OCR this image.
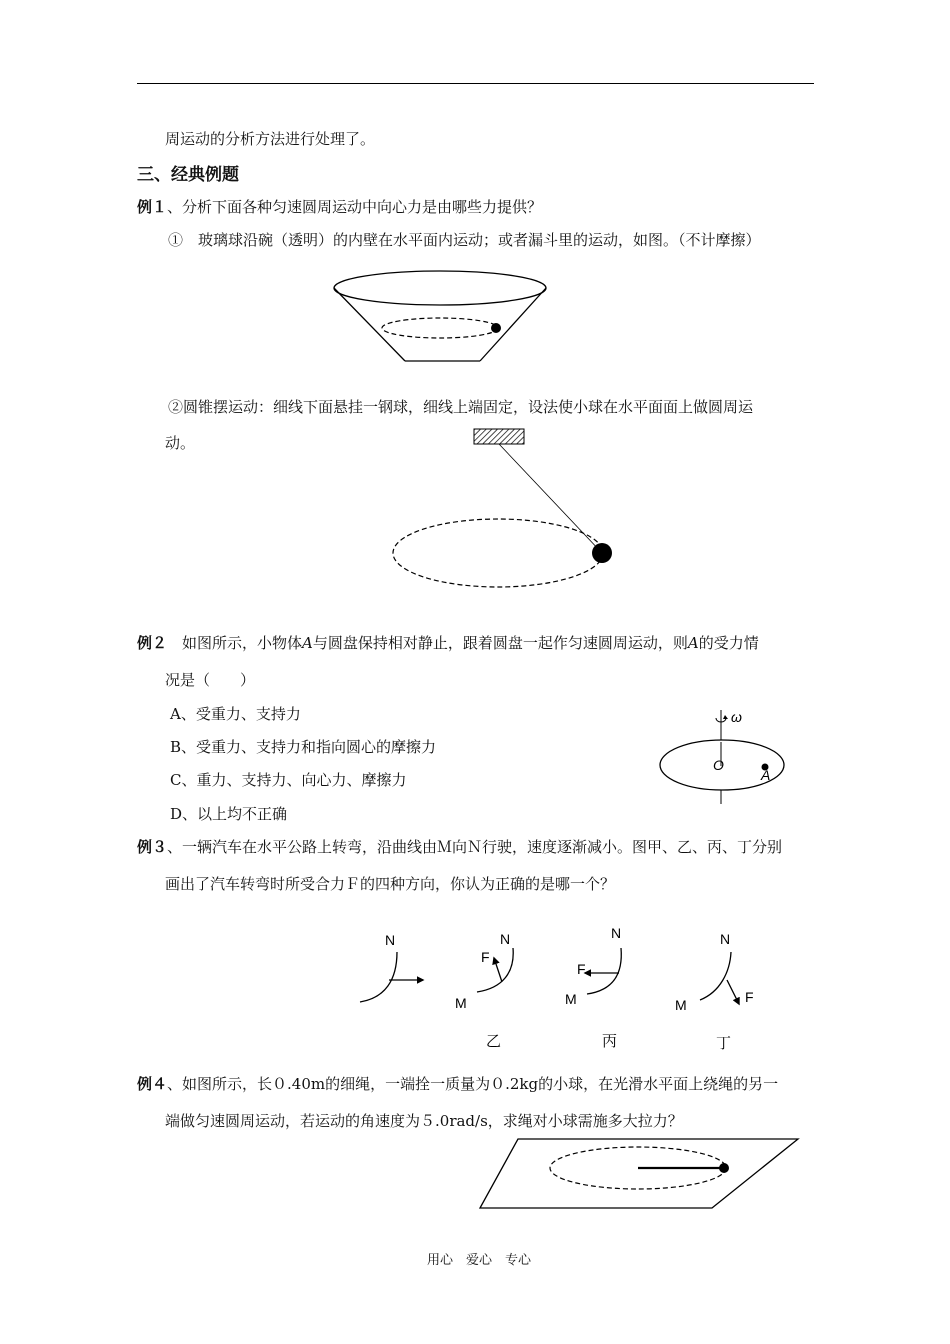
周运动的分析方法进行处理了。
三、经典例题
例１、分析下面各种匀速圆周运动中向心力是由哪些力提供？
①　玻璃球沿碗（透明）的内壁在水平面内运动；或者漏斗里的运动，如图。（不计摩擦）
②圆锥摆运动：细线下面悬挂一钢球，细线上端固定，设法使小球在水平面面上做圆周运
动。
例２　如图所示，小物体A与圆盘保持相对静止，跟着圆盘一起作匀速圆周运动，则A的受力情
况是（　　）
A、受重力、支持力
B、受重力、支持力和指向圆心的摩擦力
C、重力、支持力、向心力、摩擦力
D、以上均不正确
ω
O
A
例３、一辆汽车在水平公路上转弯，沿曲线由Ｍ向Ｎ行驶，速度逐渐减小。图甲、乙、丙、丁分别
画出了汽车转弯时所受合力Ｆ的四种方向，你认为正确的是哪一个？
N	N
F
M
N
F
M
N
F
M
乙	丙	丁
例４、如图所示，长０.40m的细绳，一端拴一质量为０.2kg的小球，在光滑水平面上绕绳的另一
端做匀速圆周运动，若运动的角速度为５.0rad/s，求绳对小球需施多大拉力？
用心　爱心　专心
